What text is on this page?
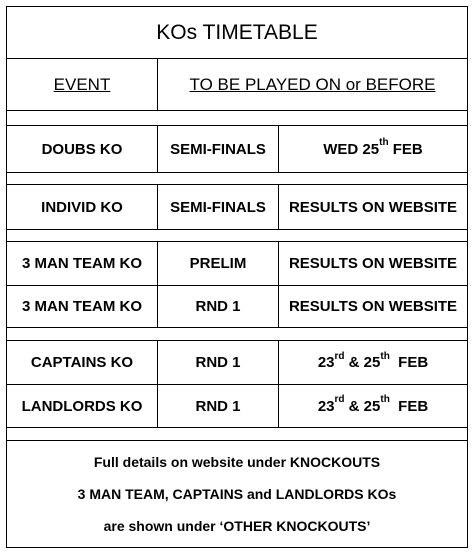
KOs TIMETABLE
EVENT	TO BE PLAYED ON or BEFORE
DOUBS KO	SEMI-FINALS	WED 25th FEB
INDIVID KO	SEMI-FINALS	RESULTS ON WEBSITE
3 MAN TEAM KO	PRELIM	RESULTS ON WEBSITE
3 MAN TEAM KO	RND 1	RESULTS ON WEBSITE
CAPTAINS KO	RND 1	23rd & 25th FEB
LANDLORDS KO	RND 1	23rd & 25th FEB
Full details on website under KNOCKOUTS
3 MAN TEAM, CAPTAINS and LANDLORDS KOs
are shown under ‘OTHER KNOCKOUTS’
